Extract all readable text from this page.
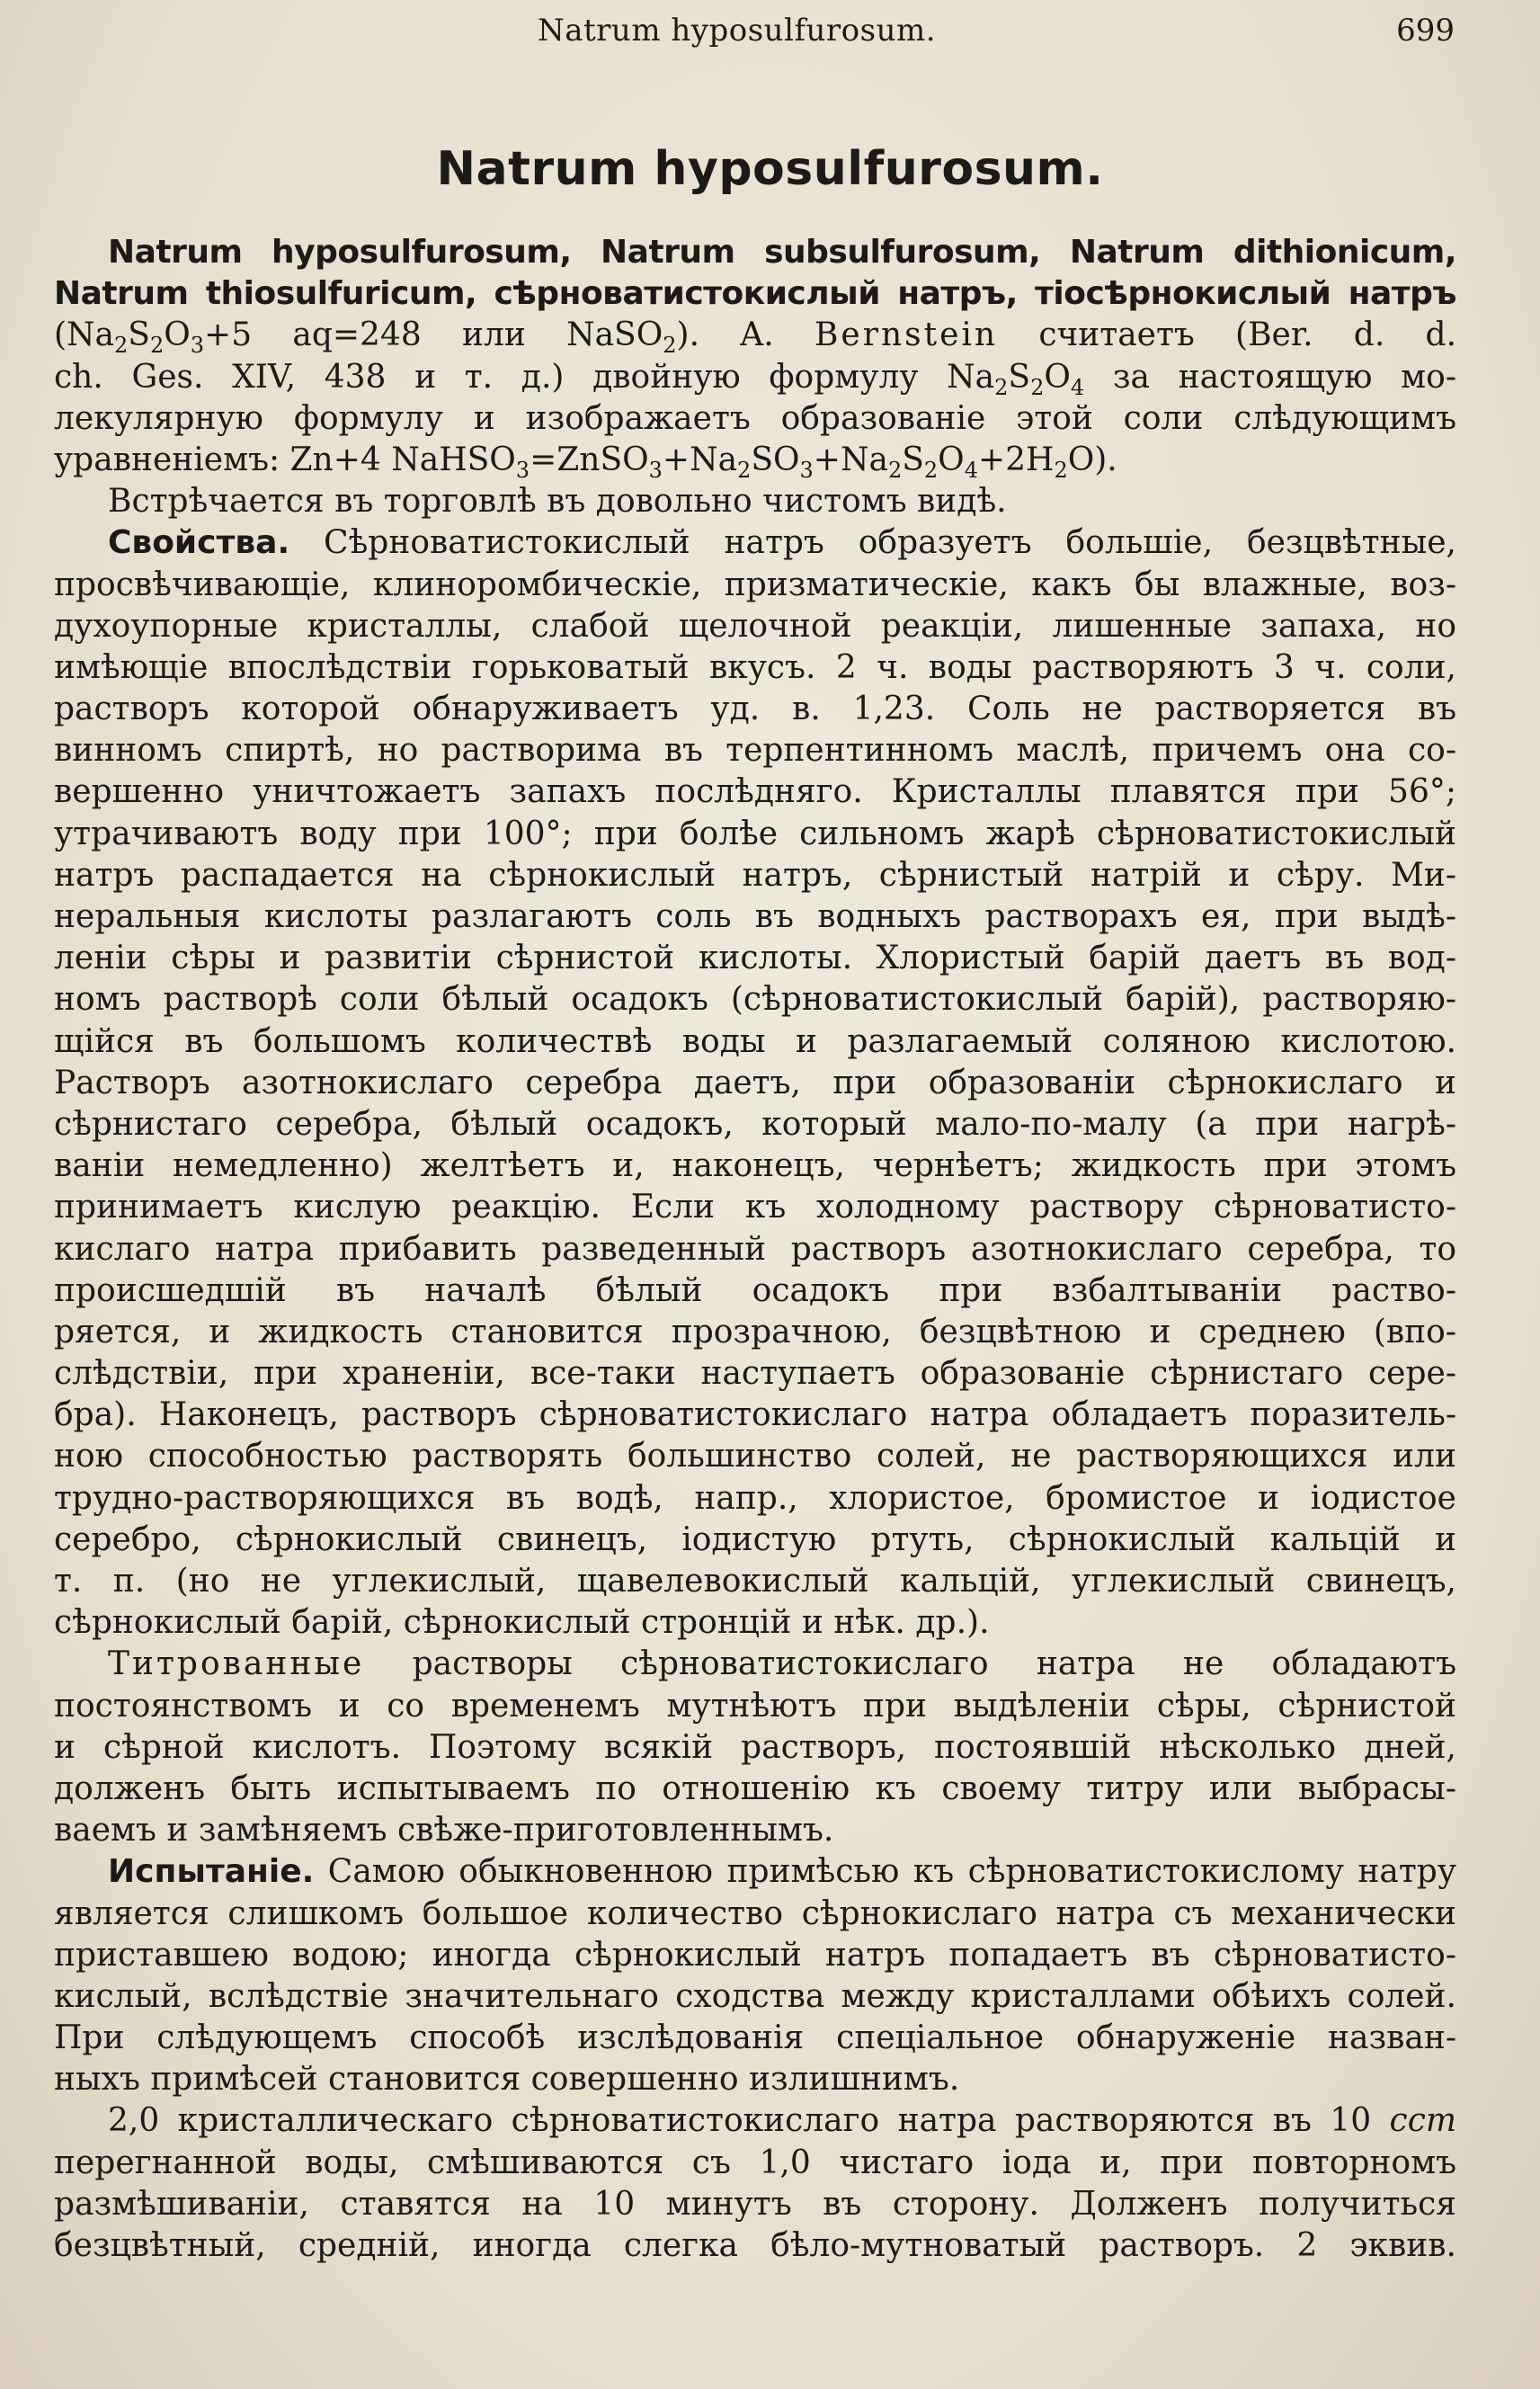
Natrum hyposulfurosum.	699
Natrum hyposulfurosum.
Natrum hyposulfurosum, Natrum subsulfurosum, Natrum dithionicum,
Natrum thiosulfuricum, сѣрноватистокислый натръ, тіосѣрнокислый натръ
($Na_2S_2O_3+5$ aq=248 или NaSO$_2$). A. Bernstein считаетъ (Ber. d. d.
ch. Ges. XIV, 438 и т. д.) двойную формулу $Na_2S_2O_4$ за настоящую мо-
лекулярную формулу и изображаетъ образованіе этой соли слѣдующимъ
уравненіемъ: Zn+4 $NaHSO_3=ZnSO_3+Na_2SO_3+Na_2S_2O_4+2H_2O$).
Встрѣчается въ торговлѣ въ довольно чистомъ видѣ.
Свойства. Сѣрноватистокислый натръ образуетъ большіе, безцвѣтные,
просвѣчивающіе, клиноромбическіе, призматическіе, какъ бы влажные, воз-
духоупорные кристаллы, слабой щелочной реакціи, лишенные запаха, но
имѣющіе впослѣдствіи горьковатый вкусъ. 2 ч. воды растворяютъ 3 ч. соли,
растворъ которой обнаруживаетъ уд. в. 1,23. Соль не растворяется въ
винномъ спиртѣ, но растворима въ терпентинномъ маслѣ, причемъ она со-
вершенно уничтожаетъ запахъ послѣдняго. Кристаллы плавятся при 56°;
утрачиваютъ воду при 100°; при болѣе сильномъ жарѣ сѣрноватистокислый
натръ распадается на сѣрнокислый натръ, сѣрнистый натрій и сѣру. Ми-
неральныя кислоты разлагаютъ соль въ водныхъ растворахъ ея, при выдѣ-
леніи сѣры и развитіи сѣрнистой кислоты. Хлористый барій даетъ въ вод-
номъ растворѣ соли бѣлый осадокъ (сѣрноватистокислый барій), растворяю-
щійся въ большомъ количествѣ воды и разлагаемый соляною кислотою.
Растворъ азотнокислаго серебра даетъ, при образованіи сѣрнокислаго и
сѣрнистаго серебра, бѣлый осадокъ, который мало-по-малу (а при нагрѣ-
ваніи немедленно) желтѣетъ и, наконецъ, чернѣетъ; жидкость при этомъ
принимаетъ кислую реакцію. Если къ холодному раствору сѣрноватисто-
кислаго натра прибавить разведенный растворъ азотнокислаго серебра, то
происшедшій въ началѣ бѣлый осадокъ при взбалтываніи раство-
ряется, и жидкость становится прозрачною, безцвѣтною и среднею (впо-
слѣдствіи, при храненіи, все-таки наступаетъ образованіе сѣрнистаго сере-
бра). Наконецъ, растворъ сѣрноватистокислаго натра обладаетъ поразитель-
ною способностью растворять большинство солей, не растворяющихся или
трудно-растворяющихся въ водѣ, напр., хлористое, бромистое и іодистое
серебро, сѣрнокислый свинецъ, іодистую ртуть, сѣрнокислый кальцій и
т. п. (но не углекислый, щавелевокислый кальцій, углекислый свинецъ,
сѣрнокислый барій, сѣрнокислый стронцій и нѣк. др.).
Титрованные растворы сѣрноватистокислаго натра не обладаютъ
постоянствомъ и со временемъ мутнѣютъ при выдѣленіи сѣры, сѣрнистой
и сѣрной кислотъ. Поэтому всякій растворъ, постоявшій нѣсколько дней,
долженъ быть испытываемъ по отношенію къ своему титру или выбрасы-
ваемъ и замѣняемъ свѣже-приготовленнымъ.
Испытаніе. Самою обыкновенною примѣсью къ сѣрноватистокислому натру
является слишкомъ большое количество сѣрнокислаго натра съ механически
приставшею водою; иногда сѣрнокислый натръ попадаетъ въ сѣрноватисто-
кислый, вслѣдствіе значительнаго сходства между кристаллами обѣихъ солей.
При слѣдующемъ способѣ изслѣдованія спеціальное обнаруженіе назван-
ныхъ примѣсей становится совершенно излишнимъ.
2,0 кристаллическаго сѣрноватистокислаго натра растворяются въ 10 ccm
перегнанной воды, смѣшиваются съ 1,0 чистаго іода и, при повторномъ
размѣшиваніи, ставятся на 10 минутъ въ сторону. Долженъ получиться
безцвѣтный, средній, иногда слегка бѣло-мутноватый растворъ. 2 эквив.
